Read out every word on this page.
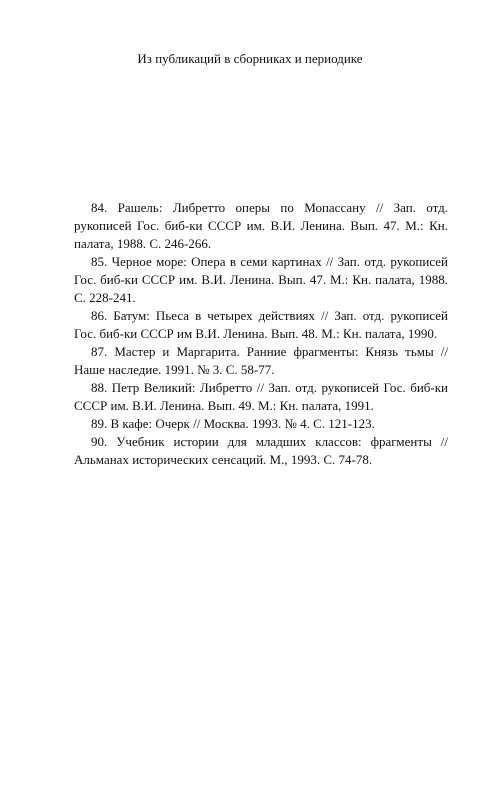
Из публикаций в сборниках и периодике
84. Рашель: Либретто оперы по Мопассану // Зап. отд. рукописей Гос. биб-ки СССР им. В.И. Ленина. Вып. 47. М.: Кн. палата, 1988. С. 246-266.
85. Черное море: Опера в семи картинах // Зап. отд. рукописей Гос. биб-ки СССР им. В.И. Ленина. Вып. 47. М.: Кн. палата, 1988. С. 228-241.
86. Батум: Пьеса в четырех действиях // Зап. отд. рукописей Гос. биб-ки СССР им В.И. Ленина. Вып. 48. М.: Кн. палата, 1990.
87. Мастер и Маргарита. Ранние фрагменты: Князь тьмы // Наше наследие. 1991. № 3. С. 58-77.
88. Петр Великий: Либретто // Зап. отд. рукописей Гос. биб-ки СССР им. В.И. Ленина. Вып. 49. М.: Кн. палата, 1991.
89. В кафе: Очерк // Москва. 1993. № 4. С. 121-123.
90. Учебник истории для младших классов: фрагменты // Альманах исторических сенсаций. М., 1993. С. 74-78.
